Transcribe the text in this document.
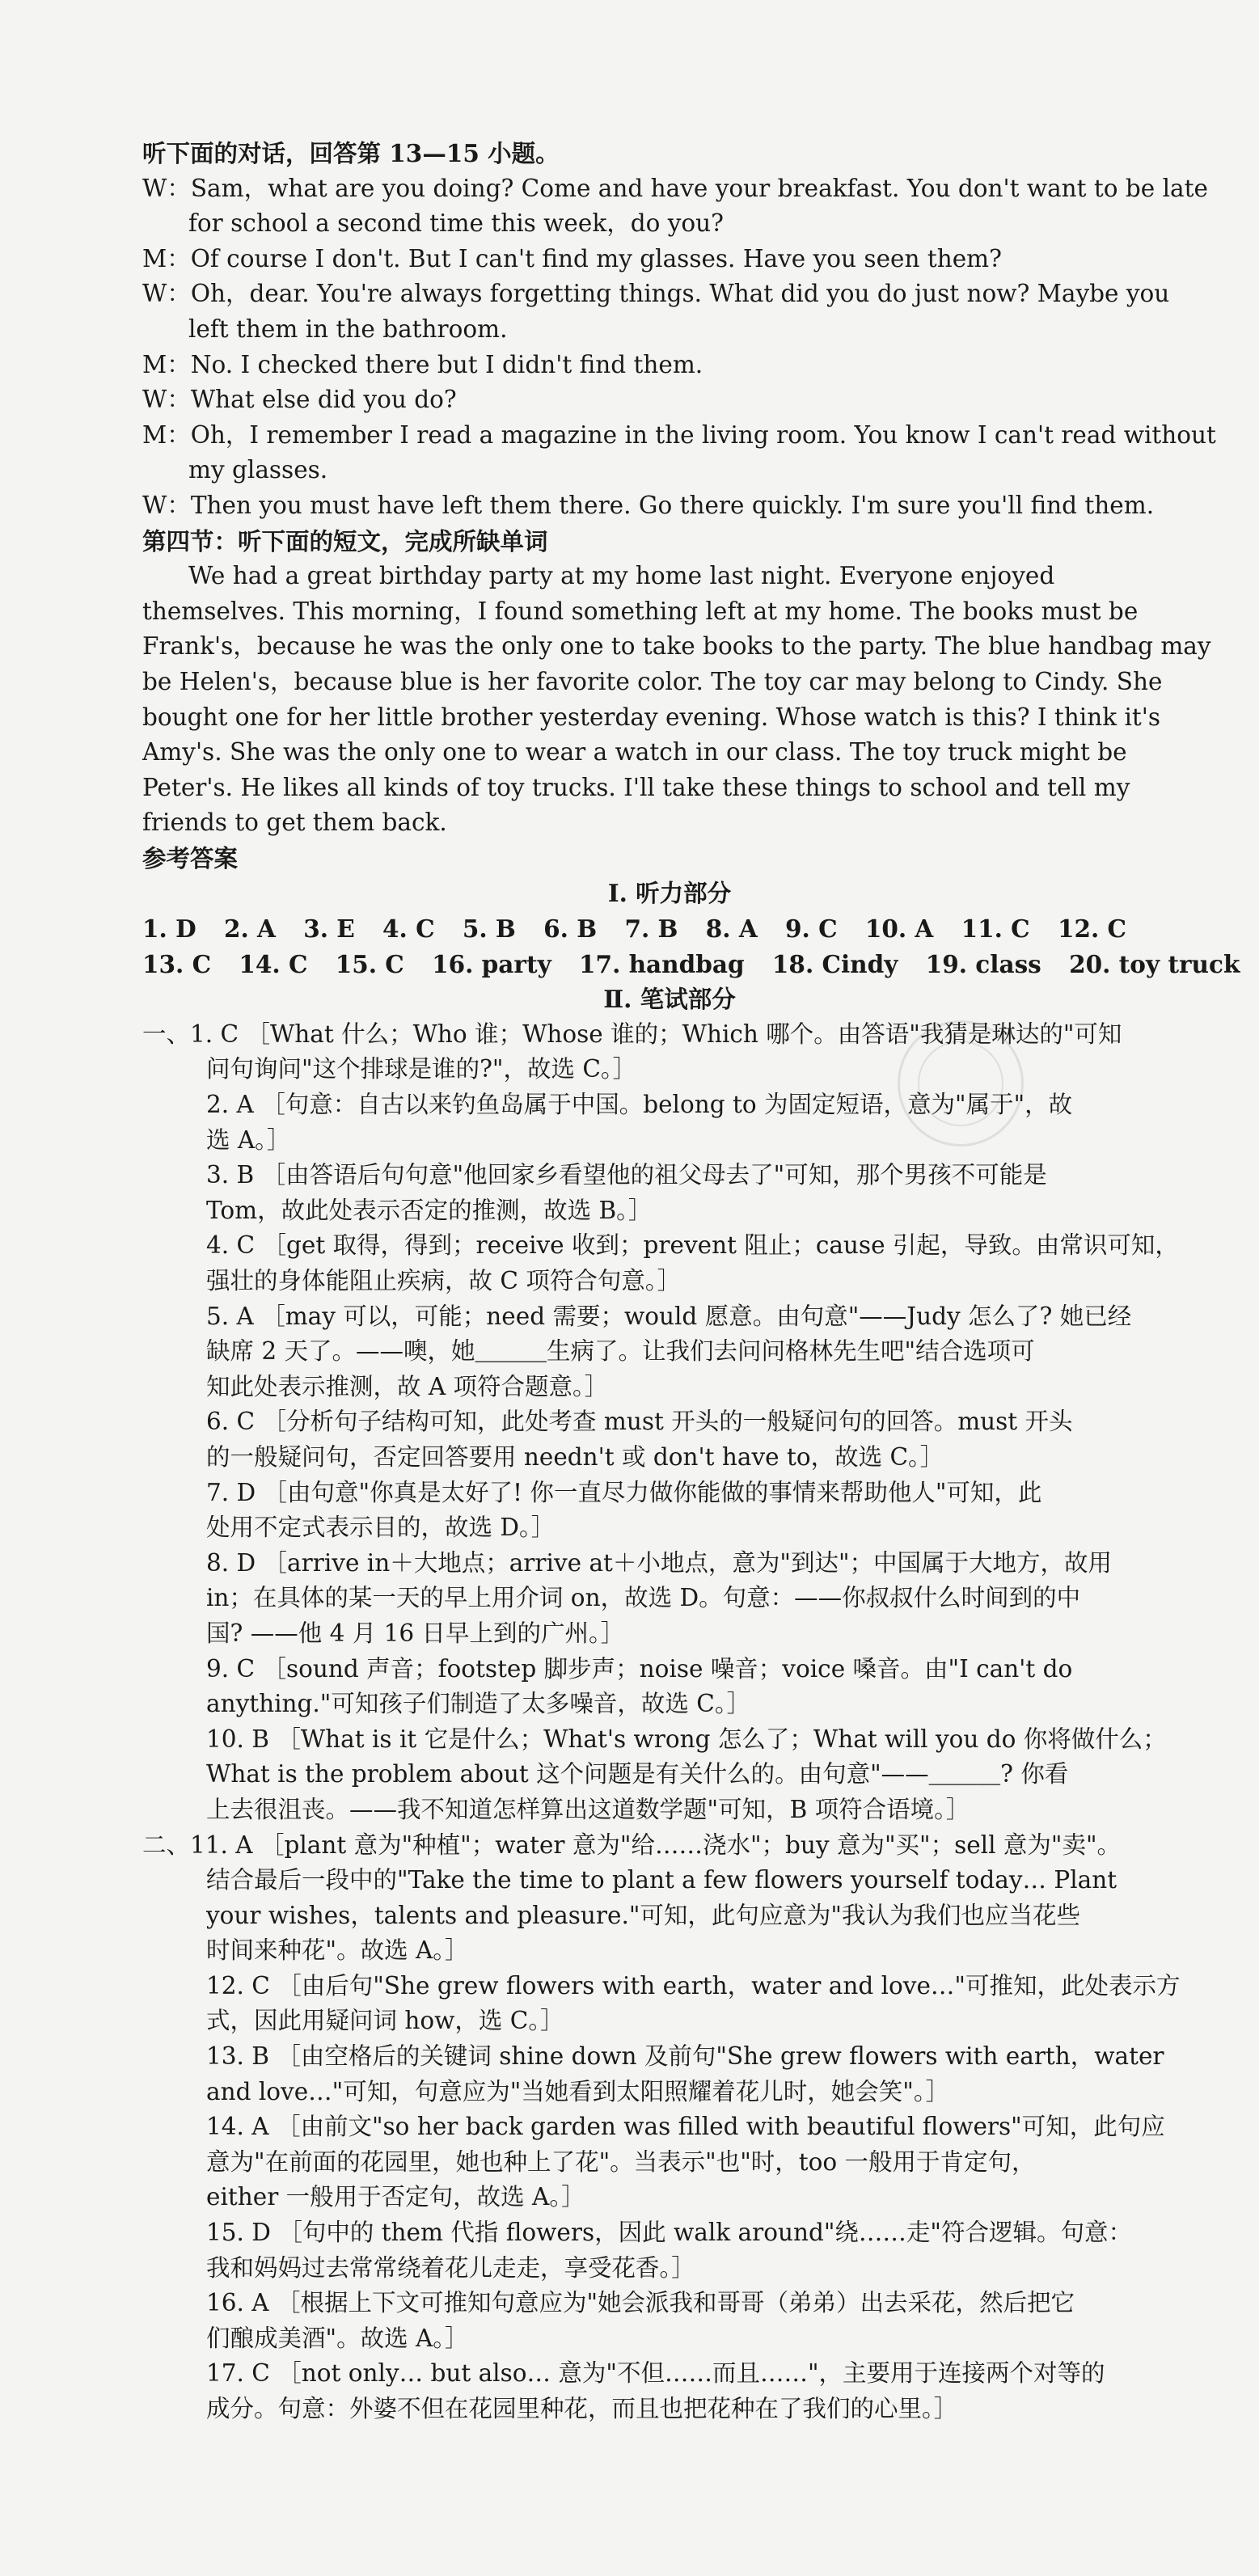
听下面的对话，回答第 13—15 小题。
W：Sam，what are you doing? Come and have your breakfast. You don't want to be late
for school a second time this week，do you?
M：Of course I don't. But I can't find my glasses. Have you seen them?
W：Oh，dear. You're always forgetting things. What did you do just now? Maybe you
left them in the bathroom.
M：No. I checked there but I didn't find them.
W：What else did you do?
M：Oh，I remember I read a magazine in the living room. You know I can't read without
my glasses.
W：Then you must have left them there. Go there quickly. I'm sure you'll find them.
第四节：听下面的短文，完成所缺单词
We had a great birthday party at my home last night. Everyone enjoyed
themselves. This morning，I found something left at my home. The books must be
Frank's，because he was the only one to take books to the party. The blue handbag may
be Helen's，because blue is her favorite color. The toy car may belong to Cindy. She
bought one for her little brother yesterday evening. Whose watch is this? I think it's
Amy's. She was the only one to wear a watch in our class. The toy truck might be
Peter's. He likes all kinds of toy trucks. I'll take these things to school and tell my
friends to get them back.
参考答案
Ⅰ. 听力部分
1. D 2. A 3. E 4. C 5. B 6. B 7. B 8. A 9. C 10. A 11. C 12. C
13. C 14. C 15. C 16. party 17. handbag 18. Cindy 19. class 20. toy truck
Ⅱ. 笔试部分
一、1. C ［What 什么；Who 谁；Whose 谁的；Which 哪个。由答语"我猜是琳达的"可知
问句询问"这个排球是谁的?"，故选 C。］
2. A ［句意：自古以来钓鱼岛属于中国。belong to 为固定短语，意为"属于"，故
选 A。］
3. B ［由答语后句句意"他回家乡看望他的祖父母去了"可知，那个男孩不可能是
Tom，故此处表示否定的推测，故选 B。］
4. C ［get 取得，得到；receive 收到；prevent 阻止；cause 引起，导致。由常识可知，
强壮的身体能阻止疾病，故 C 项符合句意。］
5. A ［may 可以，可能；need 需要；would 愿意。由句意"——Judy 怎么了? 她已经
缺席 2 天了。——噢，她＿＿＿生病了。让我们去问问格林先生吧"结合选项可
知此处表示推测，故 A 项符合题意。］
6. C ［分析句子结构可知，此处考查 must 开头的一般疑问句的回答。must 开头
的一般疑问句，否定回答要用 needn't 或 don't have to，故选 C。］
7. D ［由句意"你真是太好了! 你一直尽力做你能做的事情来帮助他人"可知，此
处用不定式表示目的，故选 D。］
8. D ［arrive in＋大地点；arrive at＋小地点，意为"到达"；中国属于大地方，故用
in；在具体的某一天的早上用介词 on，故选 D。句意：——你叔叔什么时间到的中
国? ——他 4 月 16 日早上到的广州。］
9. C ［sound 声音；footstep 脚步声；noise 噪音；voice 嗓音。由"I can't do
anything."可知孩子们制造了太多噪音，故选 C。］
10. B ［What is it 它是什么；What's wrong 怎么了；What will you do 你将做什么；
What is the problem about 这个问题是有关什么的。由句意"——＿＿＿? 你看
上去很沮丧。——我不知道怎样算出这道数学题"可知，B 项符合语境。］
二、11. A ［plant 意为"种植"；water 意为"给……浇水"；buy 意为"买"；sell 意为"卖"。
结合最后一段中的"Take the time to plant a few flowers yourself today… Plant
your wishes，talents and pleasure."可知，此句应意为"我认为我们也应当花些
时间来种花"。故选 A。］
12. C ［由后句"She grew flowers with earth，water and love…"可推知，此处表示方
式，因此用疑问词 how，选 C。］
13. B ［由空格后的关键词 shine down 及前句"She grew flowers with earth，water
and love…"可知，句意应为"当她看到太阳照耀着花儿时，她会笑"。］
14. A ［由前文"so her back garden was filled with beautiful flowers"可知，此句应
意为"在前面的花园里，她也种上了花"。当表示"也"时，too 一般用于肯定句，
either 一般用于否定句，故选 A。］
15. D ［句中的 them 代指 flowers，因此 walk around"绕……走"符合逻辑。句意：
我和妈妈过去常常绕着花儿走走，享受花香。］
16. A ［根据上下文可推知句意应为"她会派我和哥哥（弟弟）出去采花，然后把它
们酿成美酒"。故选 A。］
17. C ［not only… but also… 意为"不但……而且……"，主要用于连接两个对等的
成分。句意：外婆不但在花园里种花，而且也把花种在了我们的心里。］
